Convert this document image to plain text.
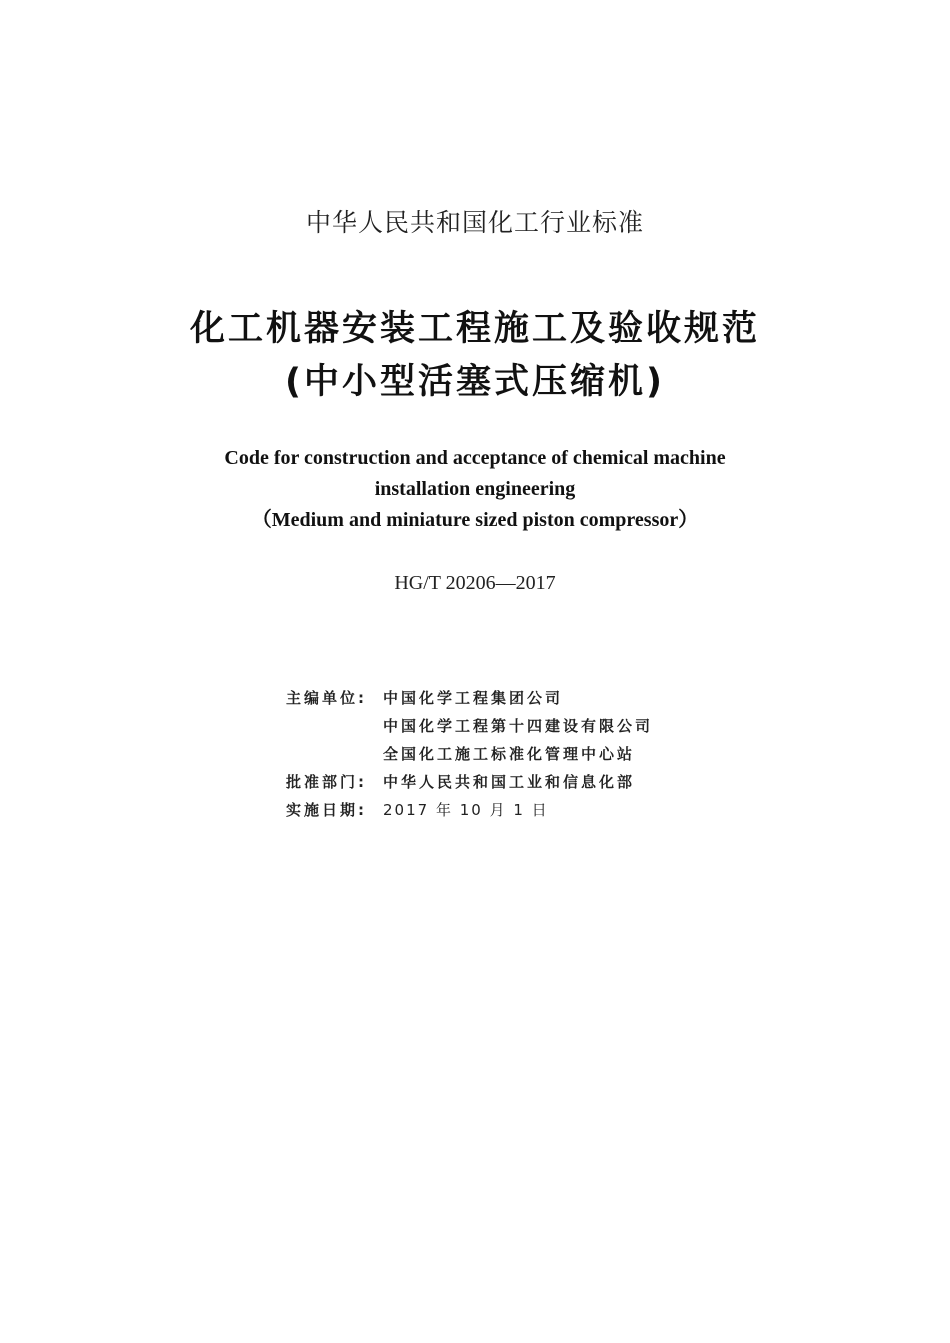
中华人民共和国化工行业标准
化工机器安装工程施工及验收规范
(中小型活塞式压缩机)
Code for construction and acceptance of chemical machine
installation engineering
（Medium and miniature sized piston compressor）
HG/T 20206—2017
主编单位:	中国化学工程集团公司
中国化学工程第十四建设有限公司
全国化工施工标准化管理中心站
批准部门:	中华人民共和国工业和信息化部
实施日期:	2017 年 10 月 1 日
